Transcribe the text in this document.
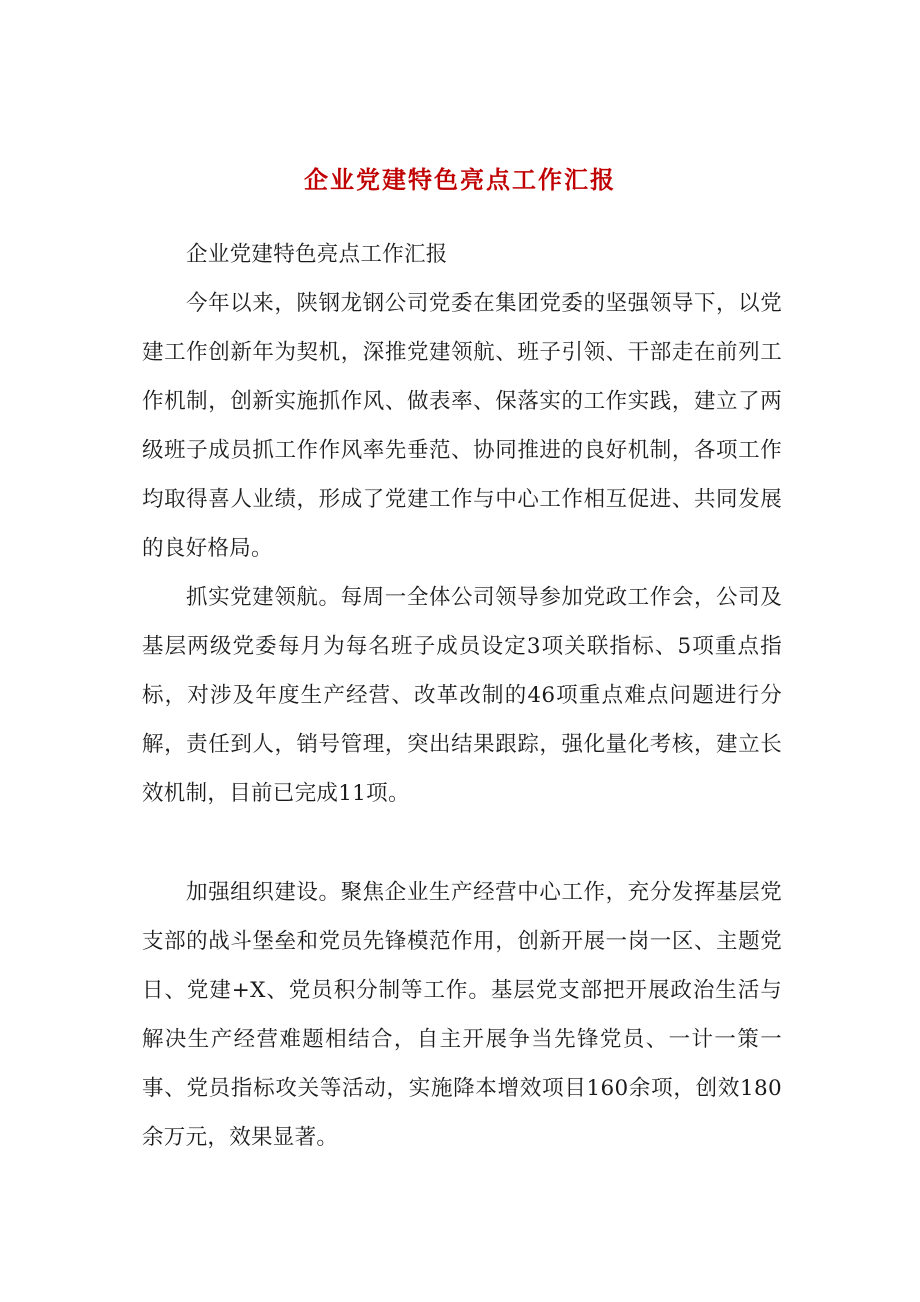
企业党建特色亮点工作汇报
企业党建特色亮点工作汇报
今年以来，陕钢龙钢公司党委在集团党委的坚强领导下，以党建工作创新年为契机，深推党建领航、班子引领、干部走在前列工作机制，创新实施抓作风、做表率、保落实的工作实践，建立了两级班子成员抓工作作风率先垂范、协同推进的良好机制，各项工作均取得喜人业绩，形成了党建工作与中心工作相互促进、共同发展的良好格局。
抓实党建领航。每周一全体公司领导参加党政工作会，公司及基层两级党委每月为每名班子成员设定3项关联指标、5项重点指标，对涉及年度生产经营、改革改制的46项重点难点问题进行分解，责任到人，销号管理，突出结果跟踪，强化量化考核，建立长效机制，目前已完成11项。
加强组织建设。聚焦企业生产经营中心工作，充分发挥基层党支部的战斗堡垒和党员先锋模范作用，创新开展一岗一区、主题党日、党建+X、党员积分制等工作。基层党支部把开展政治生活与解决生产经营难题相结合，自主开展争当先锋党员、一计一策一事、党员指标攻关等活动，实施降本增效项目160余项，创效180余万元，效果显著。
